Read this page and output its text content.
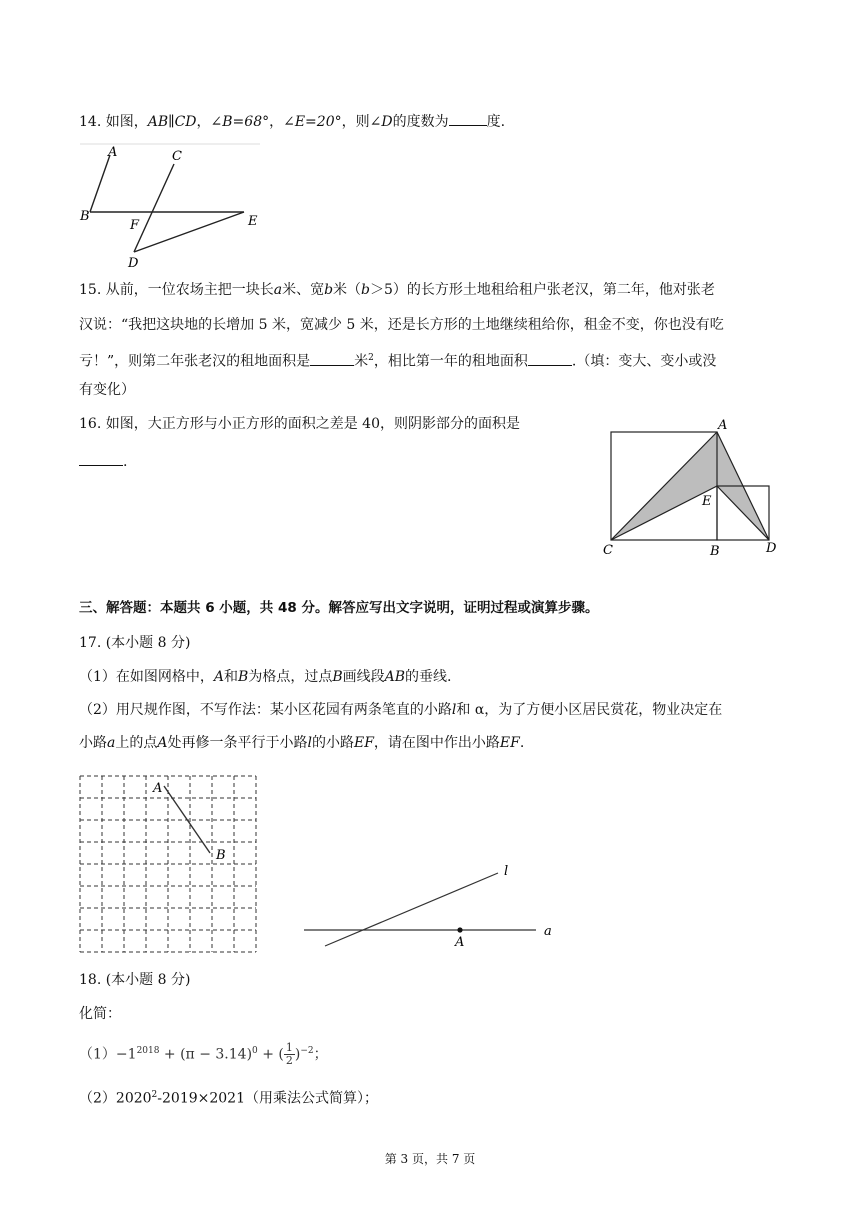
14. 如图，AB∥CD，∠B=68°，∠E=20°，则∠D的度数为	度.
A
B
C
D
E
F
15. 从前，一位农场主把一块长a米、宽b米（b＞5）的长方形土地租给租户张老汉，第二年，他对张老
汉说：“我把这块地的长增加 5 米，宽减少 5 米，还是长方形的土地继续租给你，租金不变，你也没有吃
亏！”，则第二年张老汉的租地面积是	米$^2$，相比第一年的租地面积	.（填：变大、变小或没
有变化）
16. 如图，大正方形与小正方形的面积之差是 40，则阴影部分的面积是
.
A
E
C	B	D
三、解答题：本题共 6 小题，共 48 分。解答应写出文字说明，证明过程或演算步骤。
17. (本小题 8 分)
（1）在如图网格中，A和B为格点，过点B画线段AB的垂线.
（2）用尺规作图，不写作法：某小区花园有两条笔直的小路l和 α，为了方便小区居民赏花，物业决定在
小路a上的点A处再修一条平行于小路l的小路EF，请在图中作出小路EF.
A
B
l
a
A
18. (本小题 8 分)
化简：
$(1)-1^{2018} + (\pi - 3.14)^0$ + ( $\frac{1}{2} )^{-2}$；
$(2)2020^2-2019\times 2021$（用乘法公式简算）；
第 3 页，共 7 页
